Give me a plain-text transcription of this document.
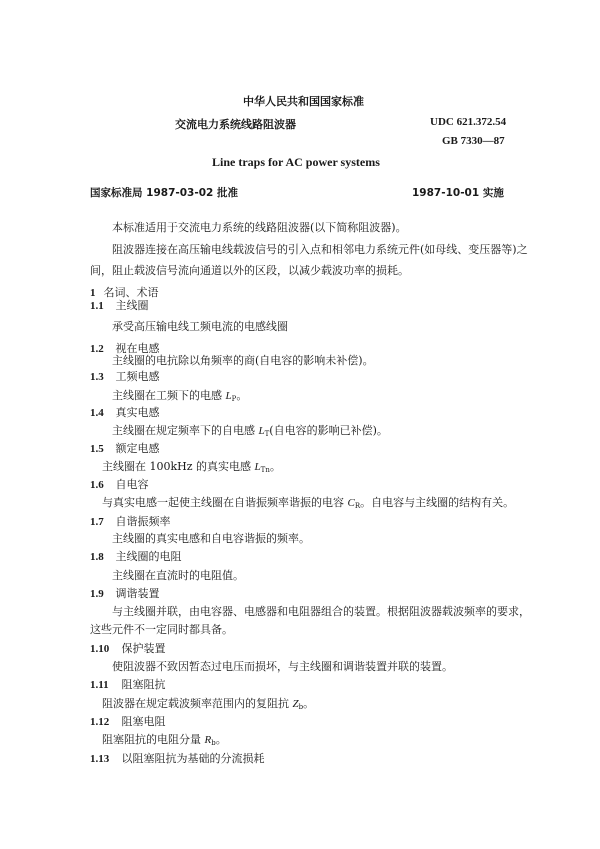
中华人民共和国国家标准
交流电力系统线路阻波器	UDC 621.372.54
GB 7330—87
Line traps for AC power systems
国家标准局 1987-03-02 批准	1987-10-01 实施
本标准适用于交流电力系统的线路阻波器(以下简称阻波器)。
阻波器连接在高压输电线载波信号的引入点和相邻电力系统元件(如母线、变压器等)之
间，阻止载波信号流向通道以外的区段，以减少载波功率的损耗。
1 名词、术语
1.1 主线圈
承受高压输电线工频电流的电感线圈
1.2 视在电感
主线圈的电抗除以角频率的商(自电容的影响未补偿)。
1.3 工频电感
主线圈在工频下的电感 $L_P$。
1.4 真实电感
主线圈在规定频率下的自电感 $L_T$(自电容的影响已补偿)。
1.5 额定电感
主线圈在 100kHz 的真实电感 $L_{Tn}$。
1.6 自电容
与真实电感一起使主线圈在自谐振频率谐振的电容 $C_R$。自电容与主线圈的结构有关。
1.7 自谐振频率
主线圈的真实电感和自电容谐振的频率。
1.8 主线圈的电阻
主线圈在直流时的电阻值。
1.9 调谐装置
与主线圈并联，由电容器、电感器和电阻器组合的装置。根据阻波器载波频率的要求，
这些元件不一定同时都具备。
1.10 保护装置
使阻波器不致因暂态过电压而损坏，与主线圈和调谐装置并联的装置。
1.11 阻塞阻抗
阻波器在规定载波频率范围内的复阻抗 $Z_b$。
1.12 阻塞电阻
阻塞阻抗的电阻分量 $R_b$。
1.13 以阻塞阻抗为基础的分流损耗
